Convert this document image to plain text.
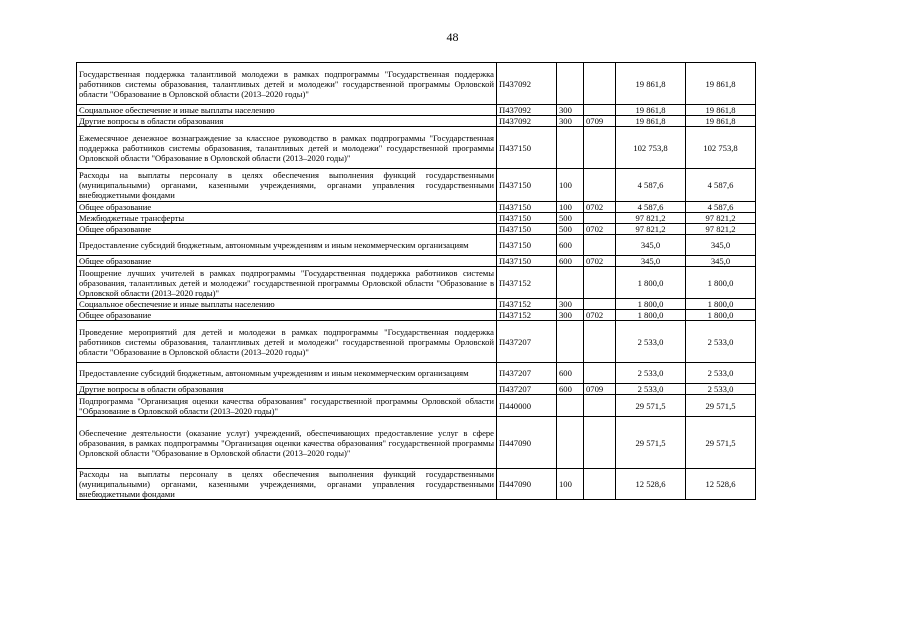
48
Государственная поддержка талантливой молодежи в рамках подпрограммы "Государственная поддержка работников системы образования, талантливых детей и молодежи" государственной программы Орловской области "Образование в Орловской области (2013–2020 годы)"	П437092			19 861,8	19 861,8	
Социальное обеспечение и иные выплаты населению	П437092	300		19 861,8	19 861,8	
Другие вопросы в области образования	П437092	300	0709	19 861,8	19 861,8	
Ежемесячное денежное вознаграждение за классное руководство в рамках подпрограммы "Государственная поддержка работников системы образования, талантливых детей и молодежи" государственной программы Орловской области "Образование в Орловской области (2013–2020 годы)"	П437150			102 753,8	102 753,8	
Расходы на выплаты персоналу в целях обеспечения выполнения функций государственными (муниципальными) органами, казенными учреждениями, органами управления государственными внебюджетными фондами	П437150	100		4 587,6	4 587,6	
Общее образование	П437150	100	0702	4 587,6	4 587,6	
Межбюджетные трансферты	П437150	500		97 821,2	97 821,2	
Общее образование	П437150	500	0702	97 821,2	97 821,2	
Предоставление субсидий бюджетным, автономным учреждениям и иным некоммерческим организациям	П437150	600		345,0	345,0	
Общее образование	П437150	600	0702	345,0	345,0	
Поощрение лучших учителей в рамках подпрограммы "Государственная поддержка работников системы образования, талантливых детей и молодежи" государственной программы Орловской области "Образование в Орловской области (2013–2020 годы)"	П437152			1 800,0	1 800,0	
Социальное обеспечение и иные выплаты населению	П437152	300		1 800,0	1 800,0	
Общее образование	П437152	300	0702	1 800,0	1 800,0	
Проведение мероприятий для детей и молодежи в рамках подпрограммы "Государственная поддержка работников системы образования, талантливых детей и молодежи" государственной программы Орловской области "Образование в Орловской области (2013–2020 годы)"	П437207			2 533,0	2 533,0	
Предоставление субсидий бюджетным, автономным учреждениям и иным некоммерческим организациям	П437207	600		2 533,0	2 533,0	
Другие вопросы в области образования	П437207	600	0709	2 533,0	2 533,0	
Подпрограмма "Организация оценки качества образования" государственной программы Орловской области "Образование в Орловской области (2013–2020 годы)"	П440000			29 571,5	29 571,5	
Обеспечение деятельности (оказание услуг) учреждений, обеспечивающих предоставление услуг в сфере образования, в рамках подпрограммы "Организация оценки качества образования" государственной программы Орловской области "Образование в Орловской области (2013–2020 годы)"	П447090			29 571,5	29 571,5	
Расходы на выплаты персоналу в целях обеспечения выполнения функций государственными (муниципальными) органами, казенными учреждениями, органами управления государственными внебюджетными фондами	П447090	100		12 528,6	12 528,6	
